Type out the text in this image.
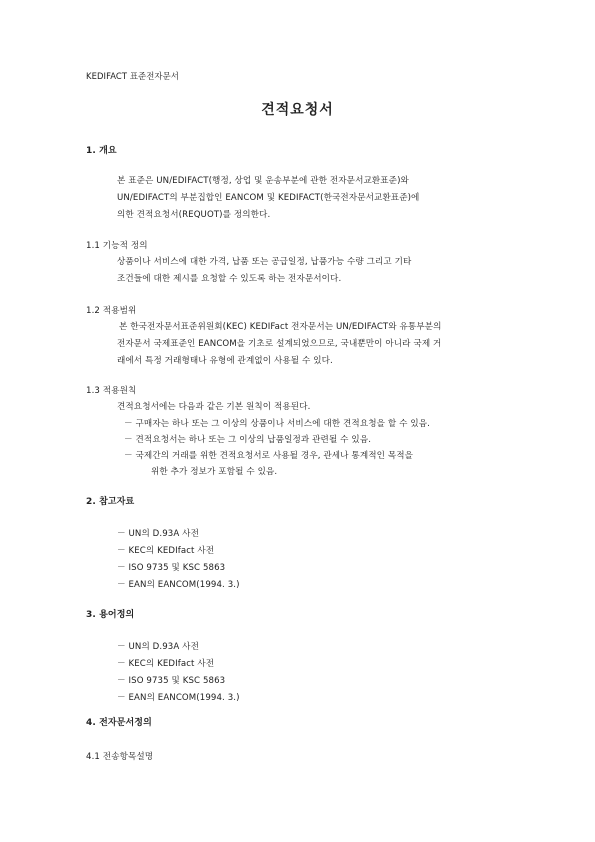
KEDIFACT 표준전자문서
견적요청서
1. 개요
본 표준은 UN/EDIFACT(행정, 상업 및 운송부분에 관한 전자문서교환표준)와
UN/EDIFACT의 부분집합인 EANCOM 및 KEDIFACT(한국전자문서교환표준)에
의한 견적요청서(REQUOT)를 정의한다.
1.1 기능적 정의
상품이나 서비스에 대한 가격, 납품 또는 공급일정, 납품가능 수량 그리고 기타
조건들에 대한 제시를 요청할 수 있도록 하는 전자문서이다.
1.2 적용범위
본 한국전자문서표준위원회(KEC) KEDIFact 전자문서는 UN/EDIFACT와 유통부분의
전자문서 국제표준인 EANCOM을 기초로 설계되었으므로, 국내뿐만이 아니라 국제 거
래에서 특정 거래형태나 유형에 관계없이 사용될 수 있다.
1.3 적용원칙
견적요청서에는 다음과 같은 기본 원칙이 적용된다.
－ 구매자는 하나 또는 그 이상의 상품이나 서비스에 대한 견적요청을 할 수 있음.
－ 견적요청서는 하나 또는 그 이상의 납품일정과 관련될 수 있음.
－ 국제간의 거래를 위한 견적요청서로 사용될 경우, 관세나 통계적인 목적을
위한 추가 정보가 포함될 수 있음.
2. 참고자료
－ UN의 D.93A 사전
－ KEC의 KEDIfact 사전
－ ISO 9735 및 KSC 5863
－ EAN의 EANCOM(1994. 3.)
3. 용어정의
－ UN의 D.93A 사전
－ KEC의 KEDIfact 사전
－ ISO 9735 및 KSC 5863
－ EAN의 EANCOM(1994. 3.)
4. 전자문서정의
4.1 전송항목설명
